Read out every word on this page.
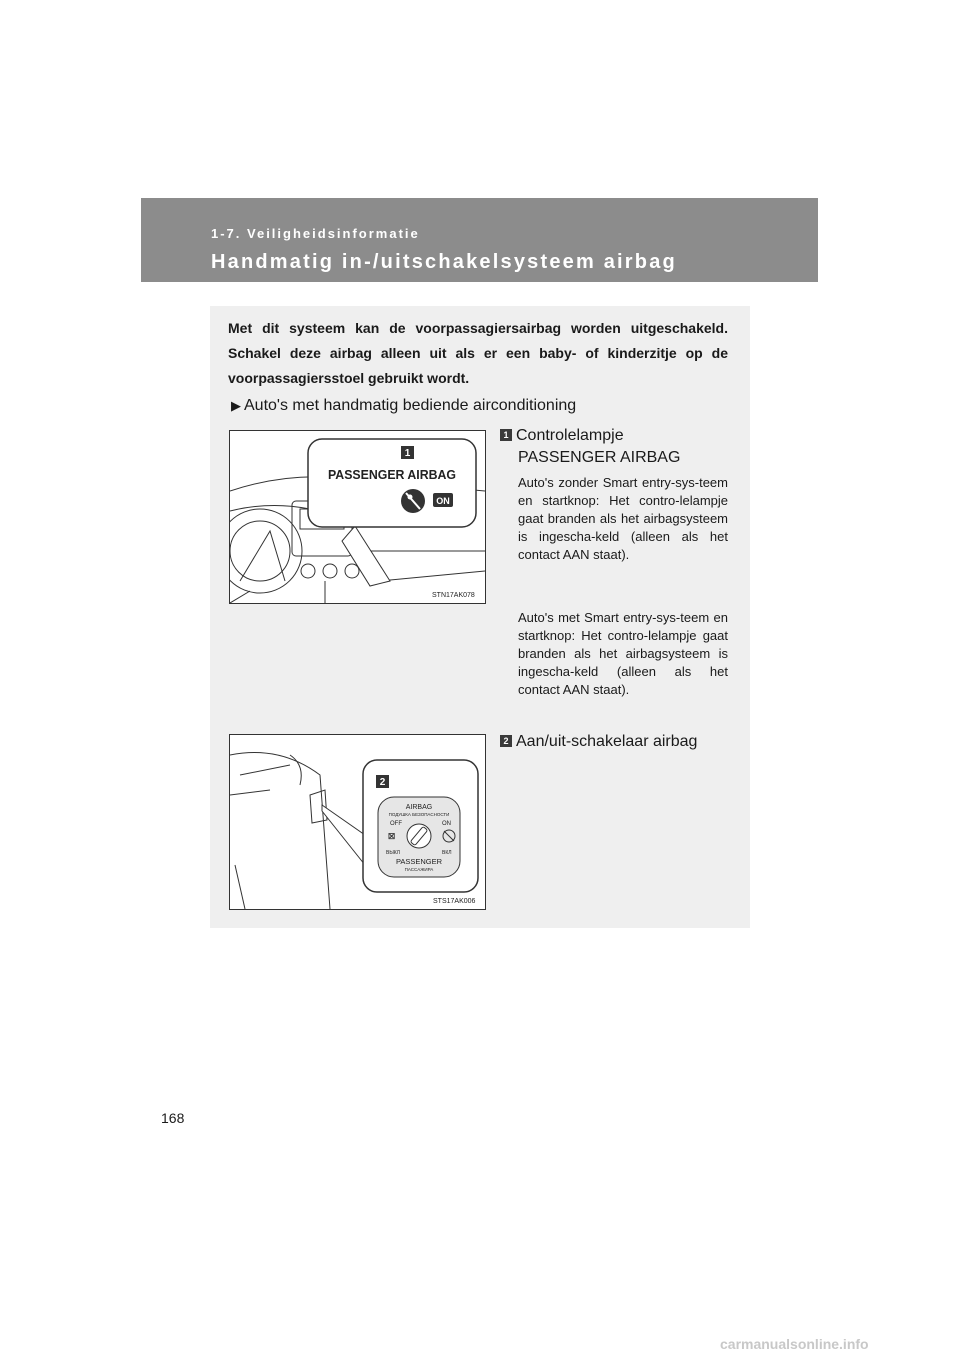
1-7. Veiligheidsinformatie
Handmatig in-/uitschakelsysteem airbag
Met dit systeem kan de voorpassagiersairbag worden uitgeschakeld. Schakel deze airbag alleen uit als er een baby- of kinderzitje op de voorpassagiersstoel gebruikt wordt.
▶ Auto's met handmatig bediende airconditioning
1
PASSENGER AIRBAG
ON
STN17AK078
1 Controlelampje
PASSENGER AIRBAG
Auto's zonder Smart entry-sys-teem en startknop: Het contro-lelampje gaat branden als het airbagsysteem is ingescha-keld (alleen als het contact AAN staat).
Auto's met Smart entry-sys-teem en startknop: Het contro-lelampje gaat branden als het airbagsysteem is ingescha-keld (alleen als het contact AAN staat).
2
AIRBAG
ПОДУШКА БЕЗОПАСНОСТИ
OFF	ON
☒
ВЫКЛ	ВКЛ
PASSENGER
ПАССАЖИРА
STS17AK006
2 Aan/uit-schakelaar airbag
168
carmanualsonline.info
